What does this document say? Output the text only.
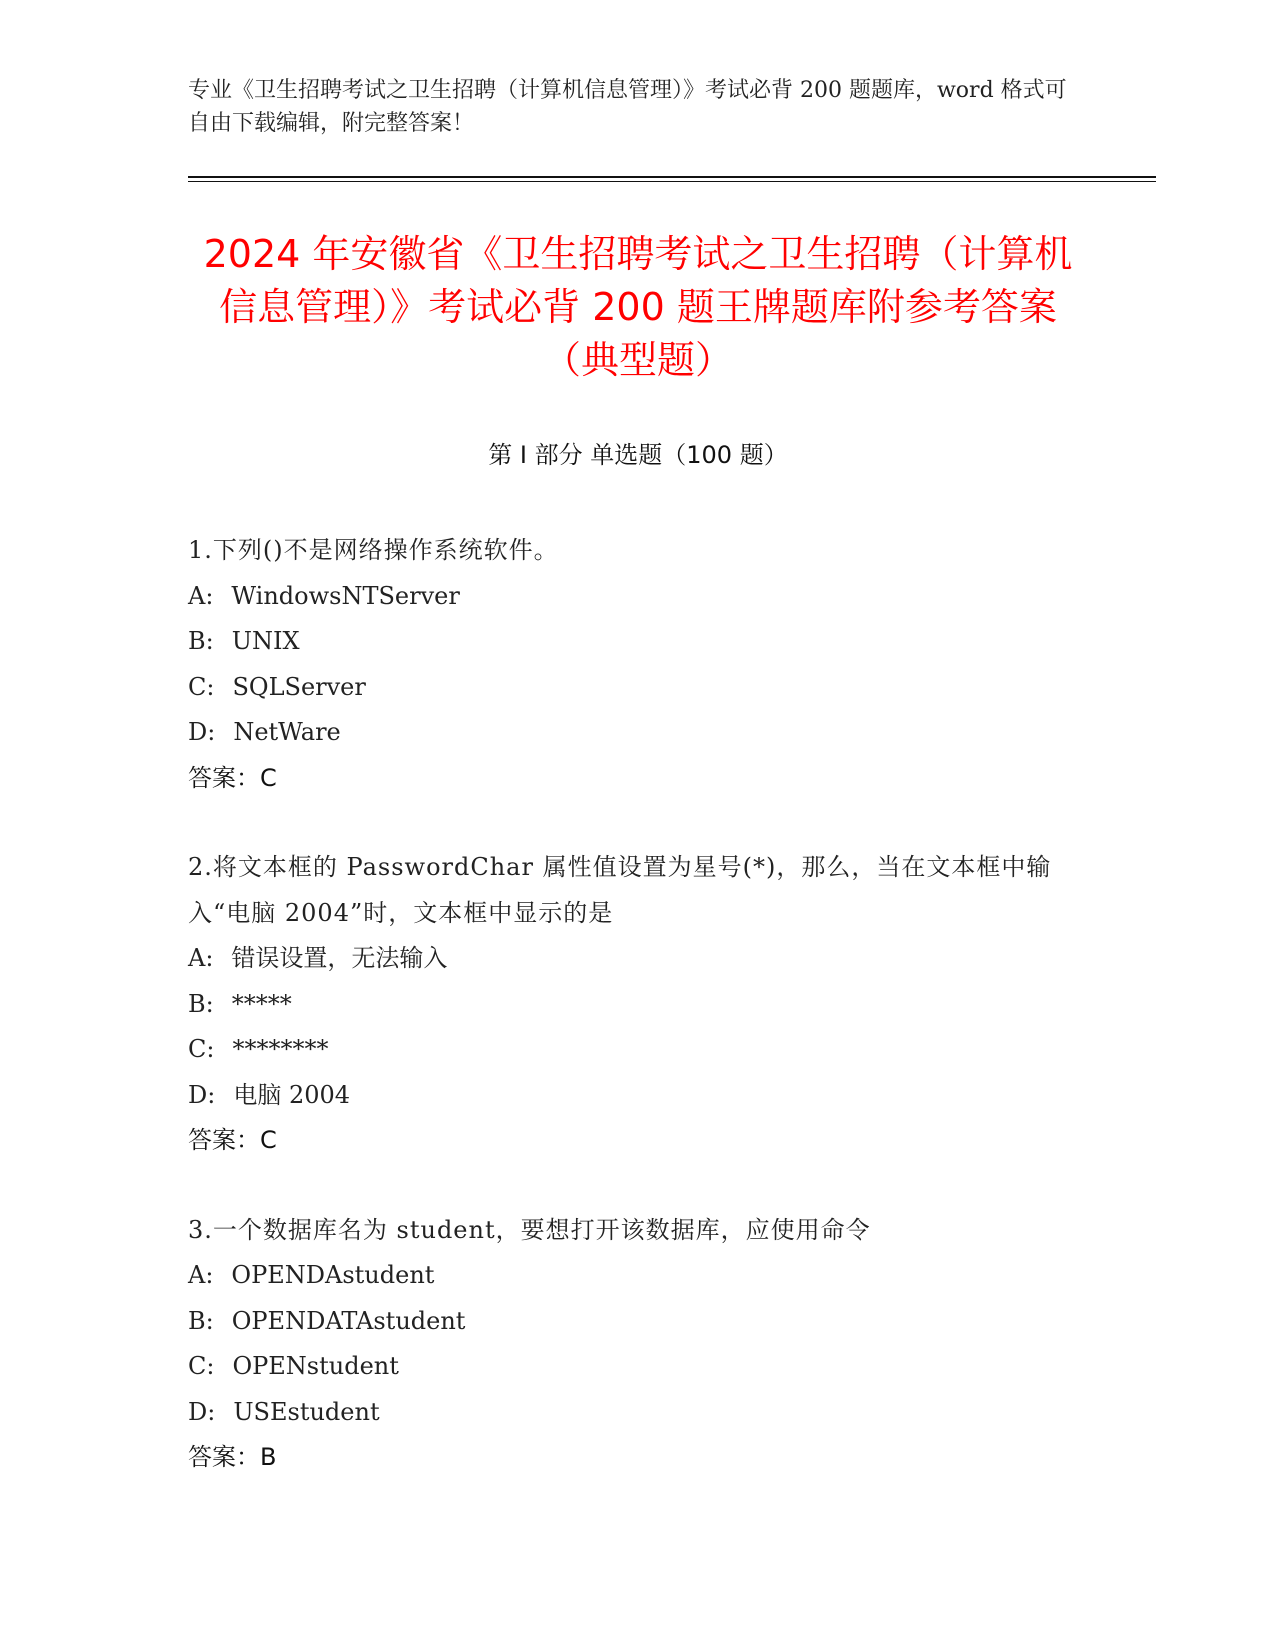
专业《卫生招聘考试之卫生招聘（计算机信息管理）》考试必背 200 题题库，word 格式可自由下载编辑，附完整答案！
2024 年安徽省《卫生招聘考试之卫生招聘（计算机信息管理）》考试必背 200 题王牌题库附参考答案（典型题）
第 I 部分 单选题（100 题）
1.下列()不是网络操作系统软件。
A: WindowsNTServer
B: UNIX
C: SQLServer
D: NetWare
答案：C
2.将文本框的 PasswordChar 属性值设置为星号(*)，那么，当在文本框中输入“电脑 2004”时，文本框中显示的是
A: 错误设置，无法输入
B: *****
C: ********
D: 电脑 2004
答案：C
3.一个数据库名为 student，要想打开该数据库，应使用命令
A: OPENDAstudent
B: OPENDATAstudent
C: OPENstudent
D: USEstudent
答案：B
